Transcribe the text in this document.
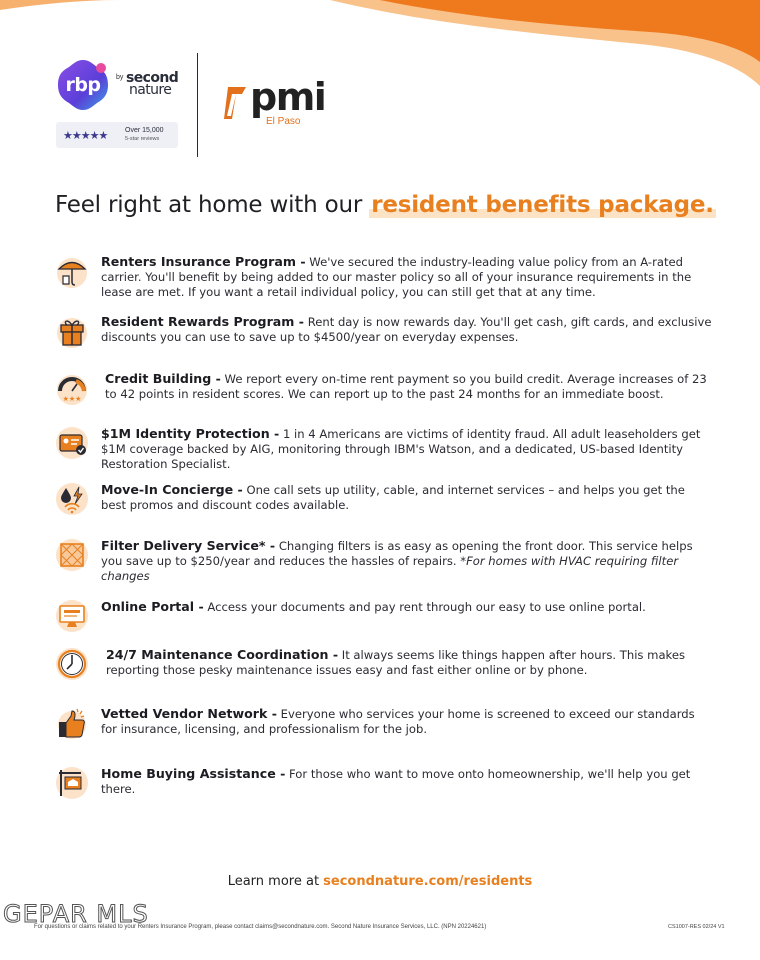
rbp	by second
nature
★★★★★	Over 15,000
5-star reviews
pmi
El Paso
Feel right at home with our resident benefits package.
Renters Insurance Program - We've secured the industry-leading value policy from an A-rated carrier. You'll benefit by being added to our master policy so all of your insurance requirements in the lease are met. If you want a retail individual policy, you can still get that at any time.
Resident Rewards Program - Rent day is now rewards day. You'll get cash, gift cards, and exclusive discounts you can use to save up to $4500/year on everyday expenses.
★★★
Credit Building - We report every on-time rent payment so you build credit. Average increases of 23 to 42 points in resident scores. We can report up to the past 24 months for an immediate boost.
$1M Identity Protection - 1 in 4 Americans are victims of identity fraud. All adult leaseholders get $1M coverage backed by AIG, monitoring through IBM's Watson, and a dedicated, US-based Identity Restoration Specialist.
Move-In Concierge - One call sets up utility, cable, and internet services – and helps you get the best promos and discount codes available.
Filter Delivery Service* - Changing filters is as easy as opening the front door. This service helps you save up to $250/year and reduces the hassles of repairs. *For homes with HVAC requiring filter changes
Online Portal - Access your documents and pay rent through our easy to use online portal.
24/7 Maintenance Coordination - It always seems like things happen after hours. This makes reporting those pesky maintenance issues easy and fast either online or by phone.
Vetted Vendor Network - Everyone who services your home is screened to exceed our standards for insurance, licensing, and professionalism for the job.
Home Buying Assistance - For those who want to move onto homeownership, we'll help you get there.
Learn more at secondnature.com/residents
GEPAR MLS
For questions or claims related to your Renters Insurance Program, please contact claims@secondnature.com. Second Nature Insurance Services, LLC. (NPN 20224621)	CS1007-RES 02/24 V1
